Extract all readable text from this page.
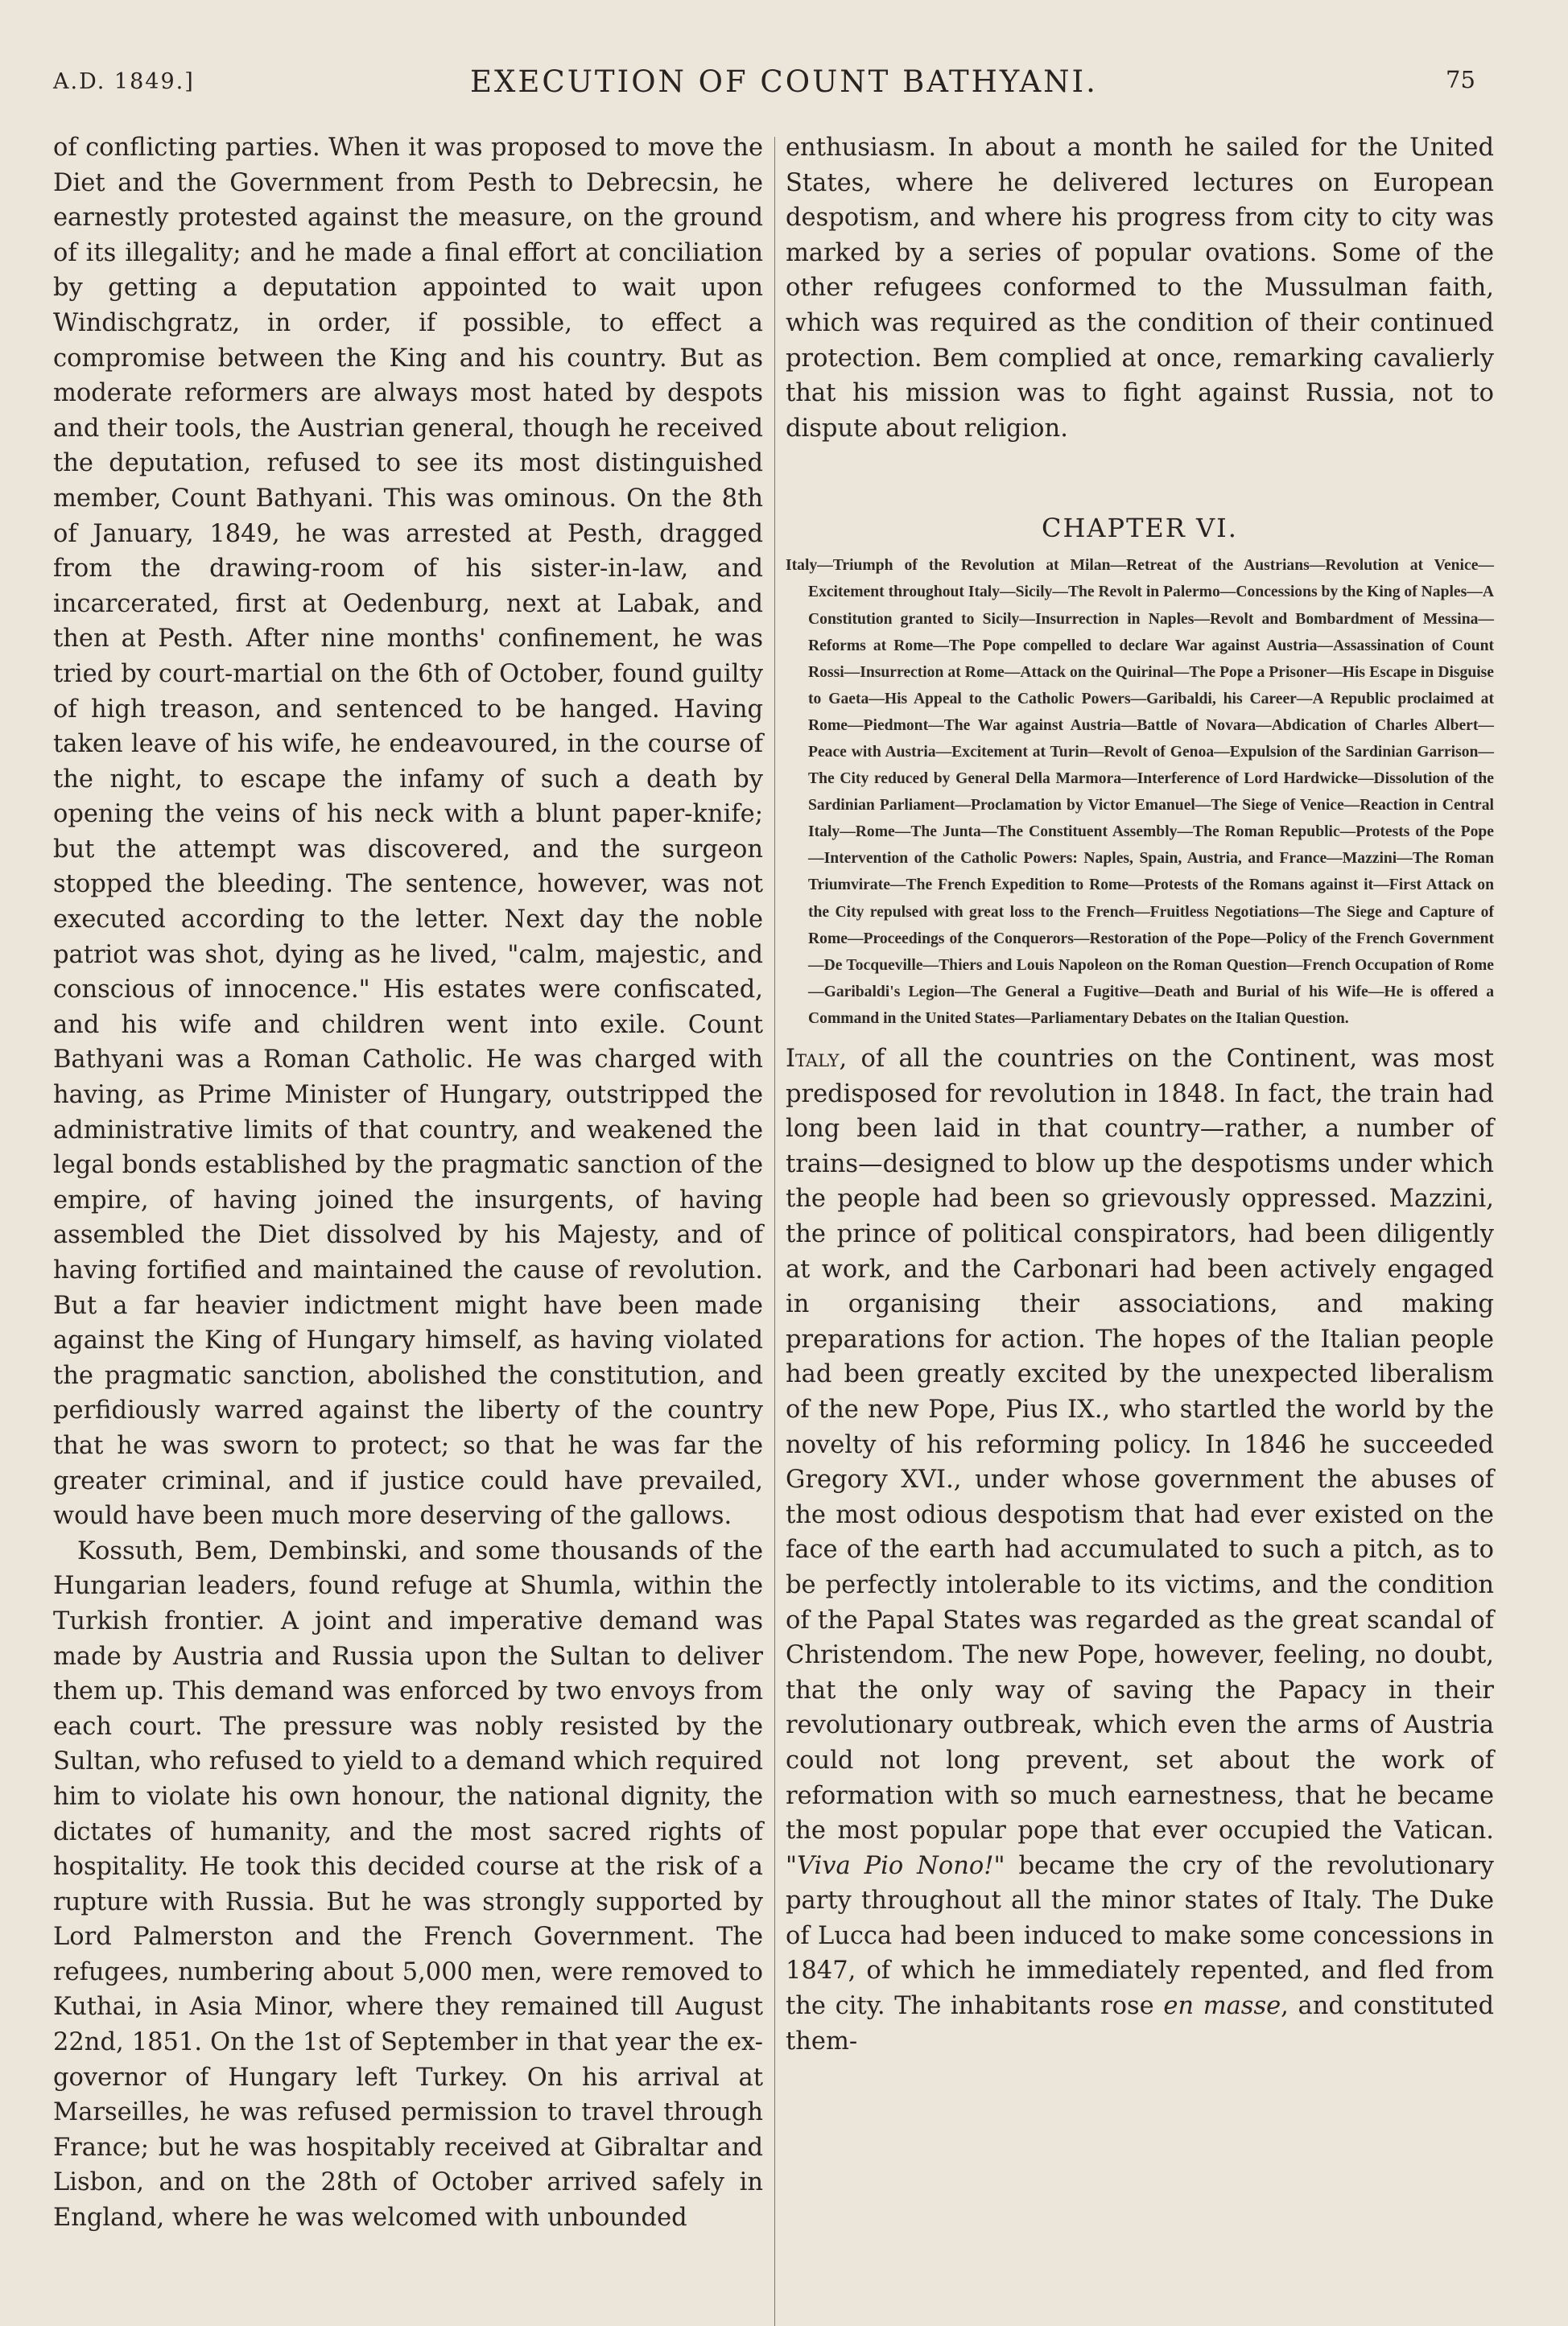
A.D. 1849.]	EXECUTION OF COUNT BATHYANI.	75

of conflicting parties. When it was proposed to move the Diet and the Government from Pesth to Debrecsin, he earnestly protested against the measure, on the ground of its illegality; and he made a final effort at conciliation by getting a deputation appointed to wait upon Windischgratz, in order, if possible, to effect a compromise between the King and his country. But as moderate reformers are always most hated by despots and their tools, the Austrian general, though he received the deputation, refused to see its most distinguished member, Count Bathyani. This was ominous. On the 8th of January, 1849, he was arrested at Pesth, dragged from the drawing-room of his sister-in-law, and incarcerated, first at Oedenburg, next at Labak, and then at Pesth. After nine months' confinement, he was tried by court-martial on the 6th of October, found guilty of high treason, and sentenced to be hanged. Having taken leave of his wife, he endeavoured, in the course of the night, to escape the infamy of such a death by opening the veins of his neck with a blunt paper-knife; but the attempt was discovered, and the surgeon stopped the bleeding. The sentence, however, was not executed according to the letter. Next day the noble patriot was shot, dying as he lived, "calm, majestic, and conscious of innocence." His estates were confiscated, and his wife and children went into exile. Count Bathyani was a Roman Catholic. He was charged with having, as Prime Minister of Hungary, outstripped the administrative limits of that country, and weakened the legal bonds established by the pragmatic sanction of the empire, of having joined the insurgents, of having assembled the Diet dissolved by his Majesty, and of having fortified and maintained the cause of revolution. But a far heavier indictment might have been made against the King of Hungary himself, as having violated the pragmatic sanction, abolished the constitution, and perfidiously warred against the liberty of the country that he was sworn to protect; so that he was far the greater criminal, and if justice could have prevailed, would have been much more deserving of the gallows.

Kossuth, Bem, Dembinski, and some thousands of the Hungarian leaders, found refuge at Shumla, within the Turkish frontier. A joint and imperative demand was made by Austria and Russia upon the Sultan to deliver them up. This demand was enforced by two envoys from each court. The pressure was nobly resisted by the Sultan, who refused to yield to a demand which required him to violate his own honour, the national dignity, the dictates of humanity, and the most sacred rights of hospitality. He took this decided course at the risk of a rupture with Russia. But he was strongly supported by Lord Palmerston and the French Government. The refugees, numbering about 5,000 men, were removed to Kuthai, in Asia Minor, where they remained till August 22nd, 1851. On the 1st of September in that year the ex-governor of Hungary left Turkey. On his arrival at Marseilles, he was refused permission to travel through France; but he was hospitably received at Gibraltar and Lisbon, and on the 28th of October arrived safely in England, where he was welcomed with unbounded

enthusiasm. In about a month he sailed for the United States, where he delivered lectures on European despotism, and where his progress from city to city was marked by a series of popular ovations. Some of the other refugees conformed to the Mussulman faith, which was required as the condition of their continued protection. Bem complied at once, remarking cavalierly that his mission was to fight against Russia, not to dispute about religion.

CHAPTER VI.

Italy—Triumph of the Revolution at Milan—Retreat of the Austrians—Revolution at Venice—Excitement throughout Italy—Sicily—The Revolt in Palermo—Concessions by the King of Naples—A Constitution granted to Sicily—Insurrection in Naples—Revolt and Bombardment of Messina—Reforms at Rome—The Pope compelled to declare War against Austria—Assassination of Count Rossi—Insurrection at Rome—Attack on the Quirinal—The Pope a Prisoner—His Escape in Disguise to Gaeta—His Appeal to the Catholic Powers—Garibaldi, his Career—A Republic proclaimed at Rome—Piedmont—The War against Austria—Battle of Novara—Abdication of Charles Albert—Peace with Austria—Excitement at Turin—Revolt of Genoa—Expulsion of the Sardinian Garrison—The City reduced by General Della Marmora—Interference of Lord Hardwicke—Dissolution of the Sardinian Parliament—Proclamation by Victor Emanuel—The Siege of Venice—Reaction in Central Italy—Rome—The Junta—The Constituent Assembly—The Roman Republic—Protests of the Pope—Intervention of the Catholic Powers: Naples, Spain, Austria, and France—Mazzini—The Roman Triumvirate—The French Expedition to Rome—Protests of the Romans against it—First Attack on the City repulsed with great loss to the French—Fruitless Negotiations—The Siege and Capture of Rome—Proceedings of the Conquerors—Restoration of the Pope—Policy of the French Government—De Tocqueville—Thiers and Louis Napoleon on the Roman Question—French Occupation of Rome—Garibaldi's Legion—The General a Fugitive—Death and Burial of his Wife—He is offered a Command in the United States—Parliamentary Debates on the Italian Question.

Italy, of all the countries on the Continent, was most predisposed for revolution in 1848. In fact, the train had long been laid in that country—rather, a number of trains—designed to blow up the despotisms under which the people had been so grievously oppressed. Mazzini, the prince of political conspirators, had been diligently at work, and the Carbonari had been actively engaged in organising their associations, and making preparations for action. The hopes of the Italian people had been greatly excited by the unexpected liberalism of the new Pope, Pius IX., who startled the world by the novelty of his reforming policy. In 1846 he succeeded Gregory XVI., under whose government the abuses of the most odious despotism that had ever existed on the face of the earth had accumulated to such a pitch, as to be perfectly intolerable to its victims, and the condition of the Papal States was regarded as the great scandal of Christendom. The new Pope, however, feeling, no doubt, that the only way of saving the Papacy in their revolutionary outbreak, which even the arms of Austria could not long prevent, set about the work of reformation with so much earnestness, that he became the most popular pope that ever occupied the Vatican. "Viva Pio Nono!" became the cry of the revolutionary party throughout all the minor states of Italy. The Duke of Lucca had been induced to make some concessions in 1847, of which he immediately repented, and fled from the city. The inhabitants rose en masse, and constituted them-
